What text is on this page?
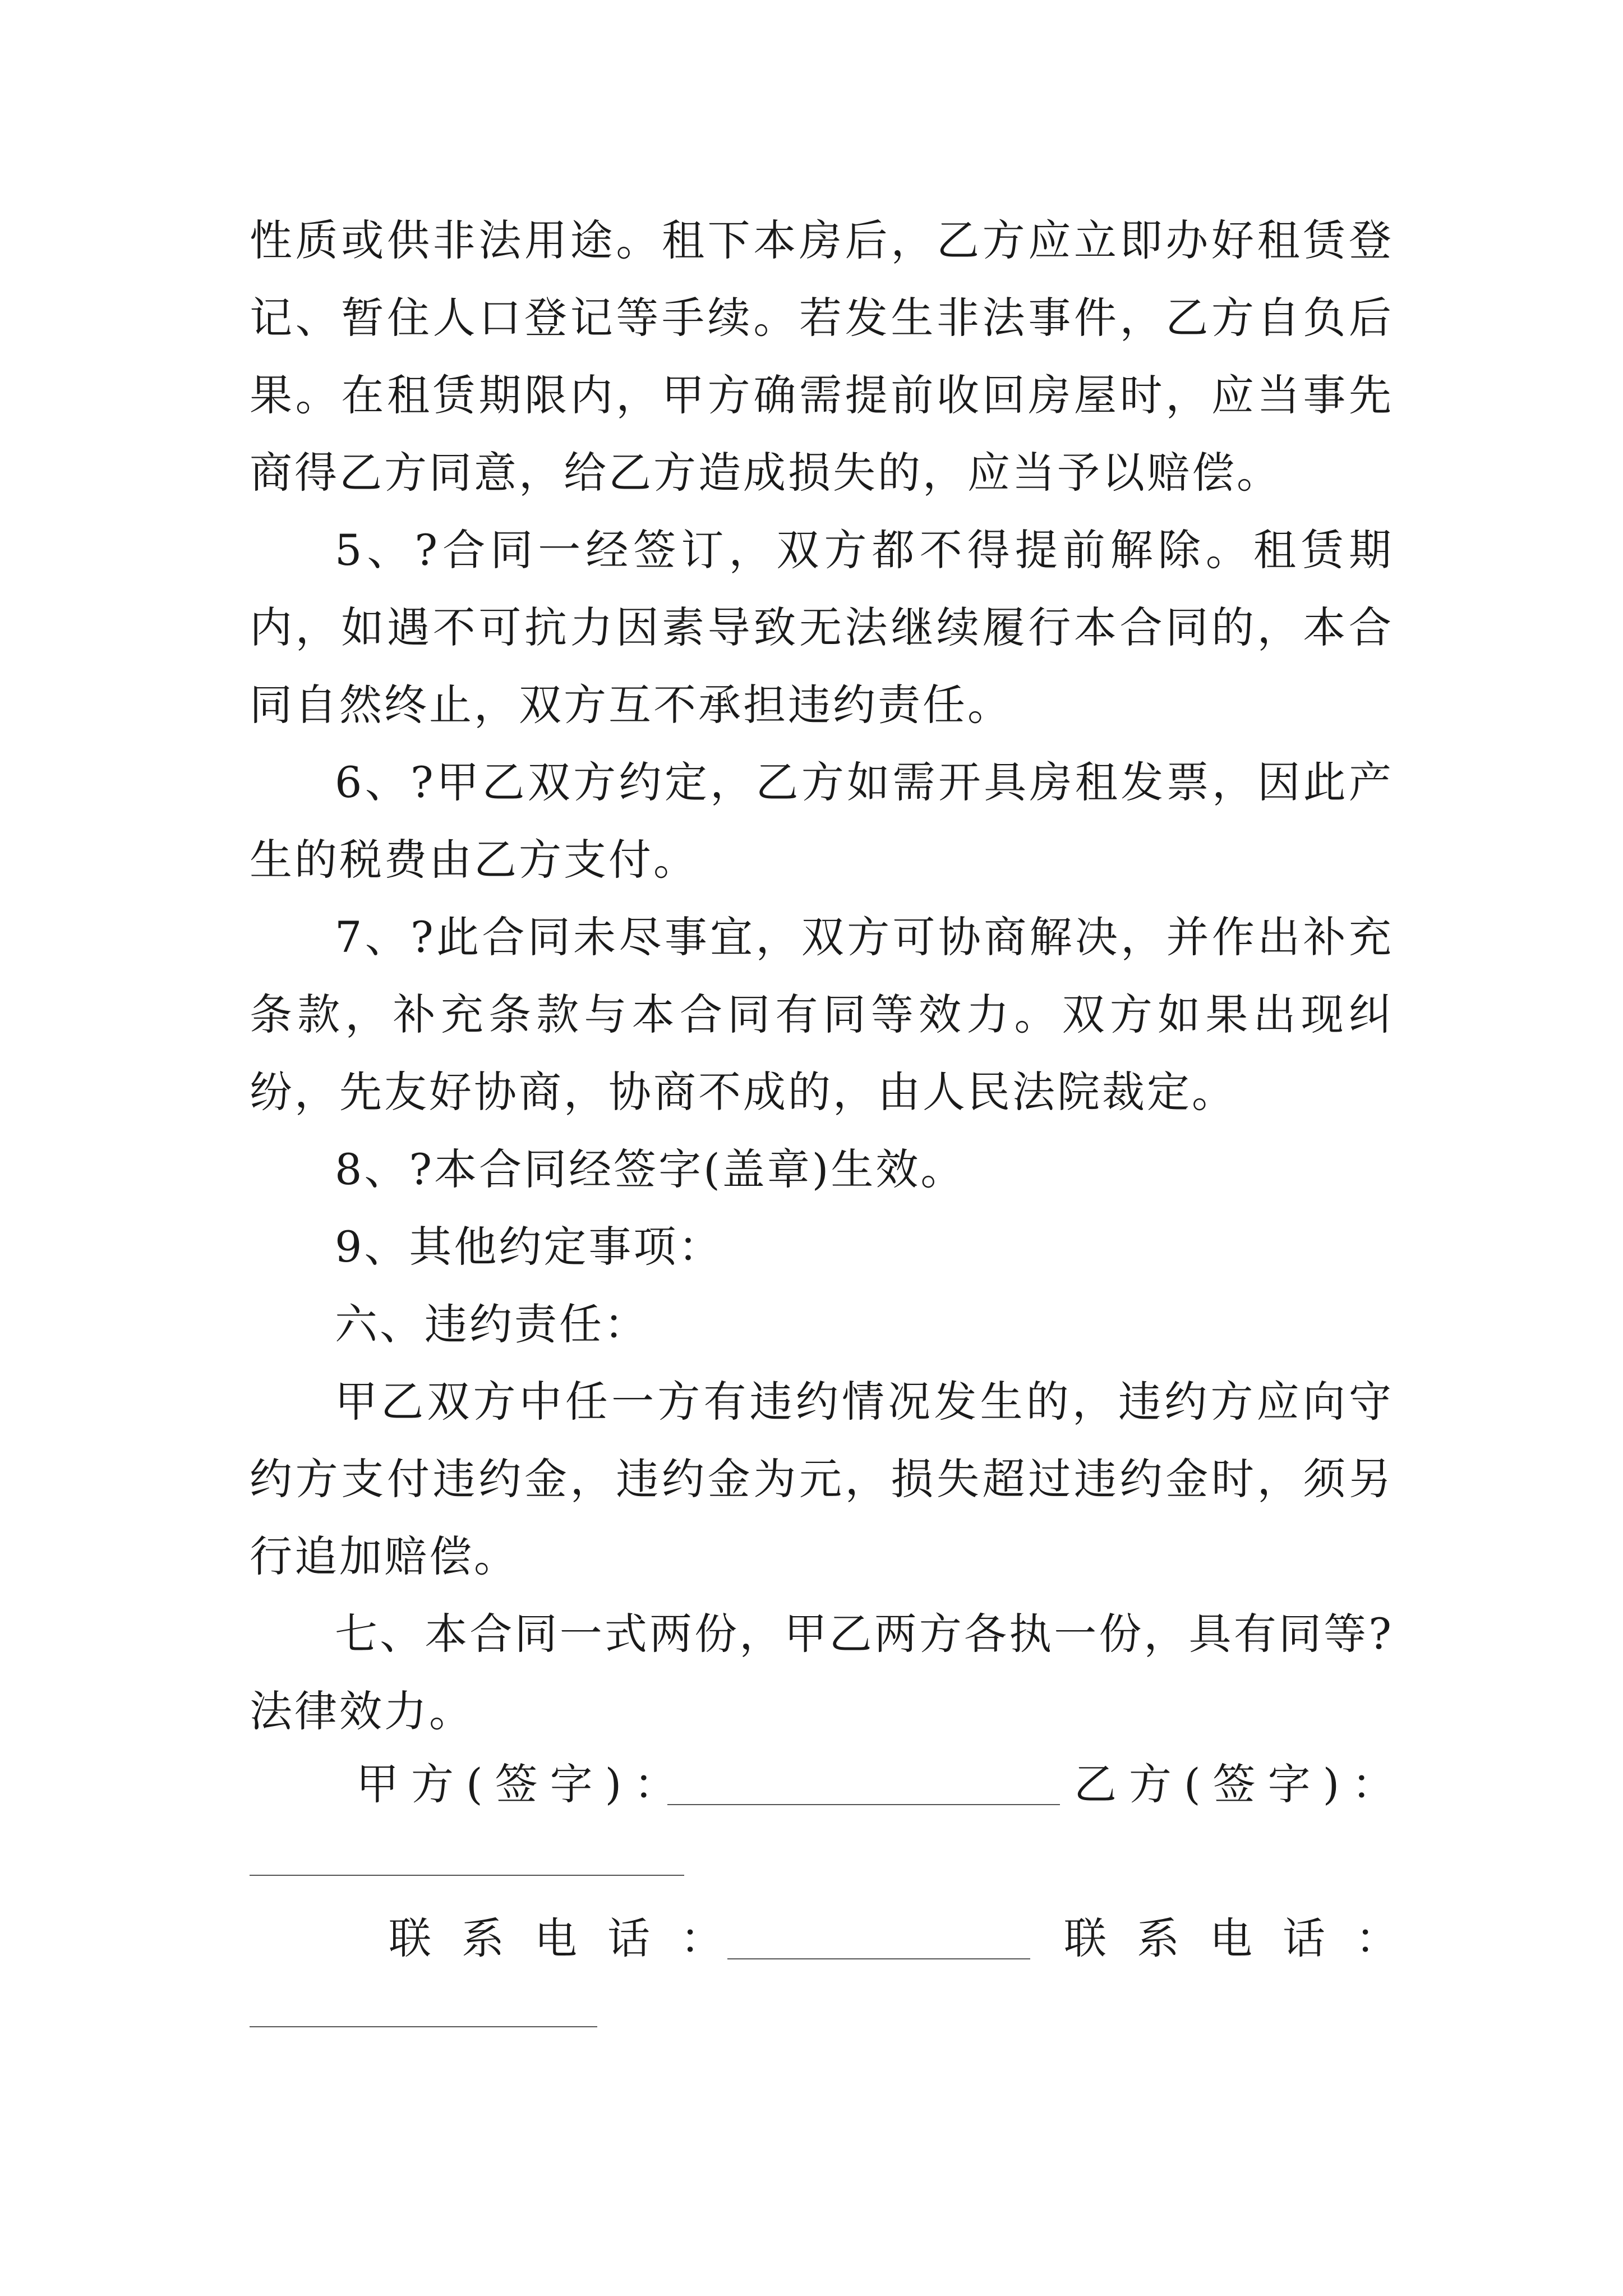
性质或供非法用途。租下本房后，乙方应立即办好租赁登记、暂住人口登记等手续。若发生非法事件，乙方自负后果。在租赁期限内，甲方确需提前收回房屋时，应当事先商得乙方同意，给乙方造成损失的，应当予以赔偿。

5、?合同一经签订，双方都不得提前解除。租赁期内，如遇不可抗力因素导致无法继续履行本合同的，本合同自然终止，双方互不承担违约责任。

6、?甲乙双方约定，乙方如需开具房租发票，因此产生的税费由乙方支付。

7、?此合同未尽事宜，双方可协商解决，并作出补充条款，补充条款与本合同有同等效力。双方如果出现纠纷，先友好协商，协商不成的，由人民法院裁定。

8、?本合同经签字(盖章)生效。

9、其他约定事项：

六、违约责任：

甲乙双方中任一方有违约情况发生的，违约方应向守约方支付违约金，违约金为元，损失超过违约金时，须另行追加赔偿。

七、本合同一式两份，甲乙两方各执一份，具有同等?法律效力。

甲方(签字)：	乙方(签字)：
联系电话：	联系电话：
